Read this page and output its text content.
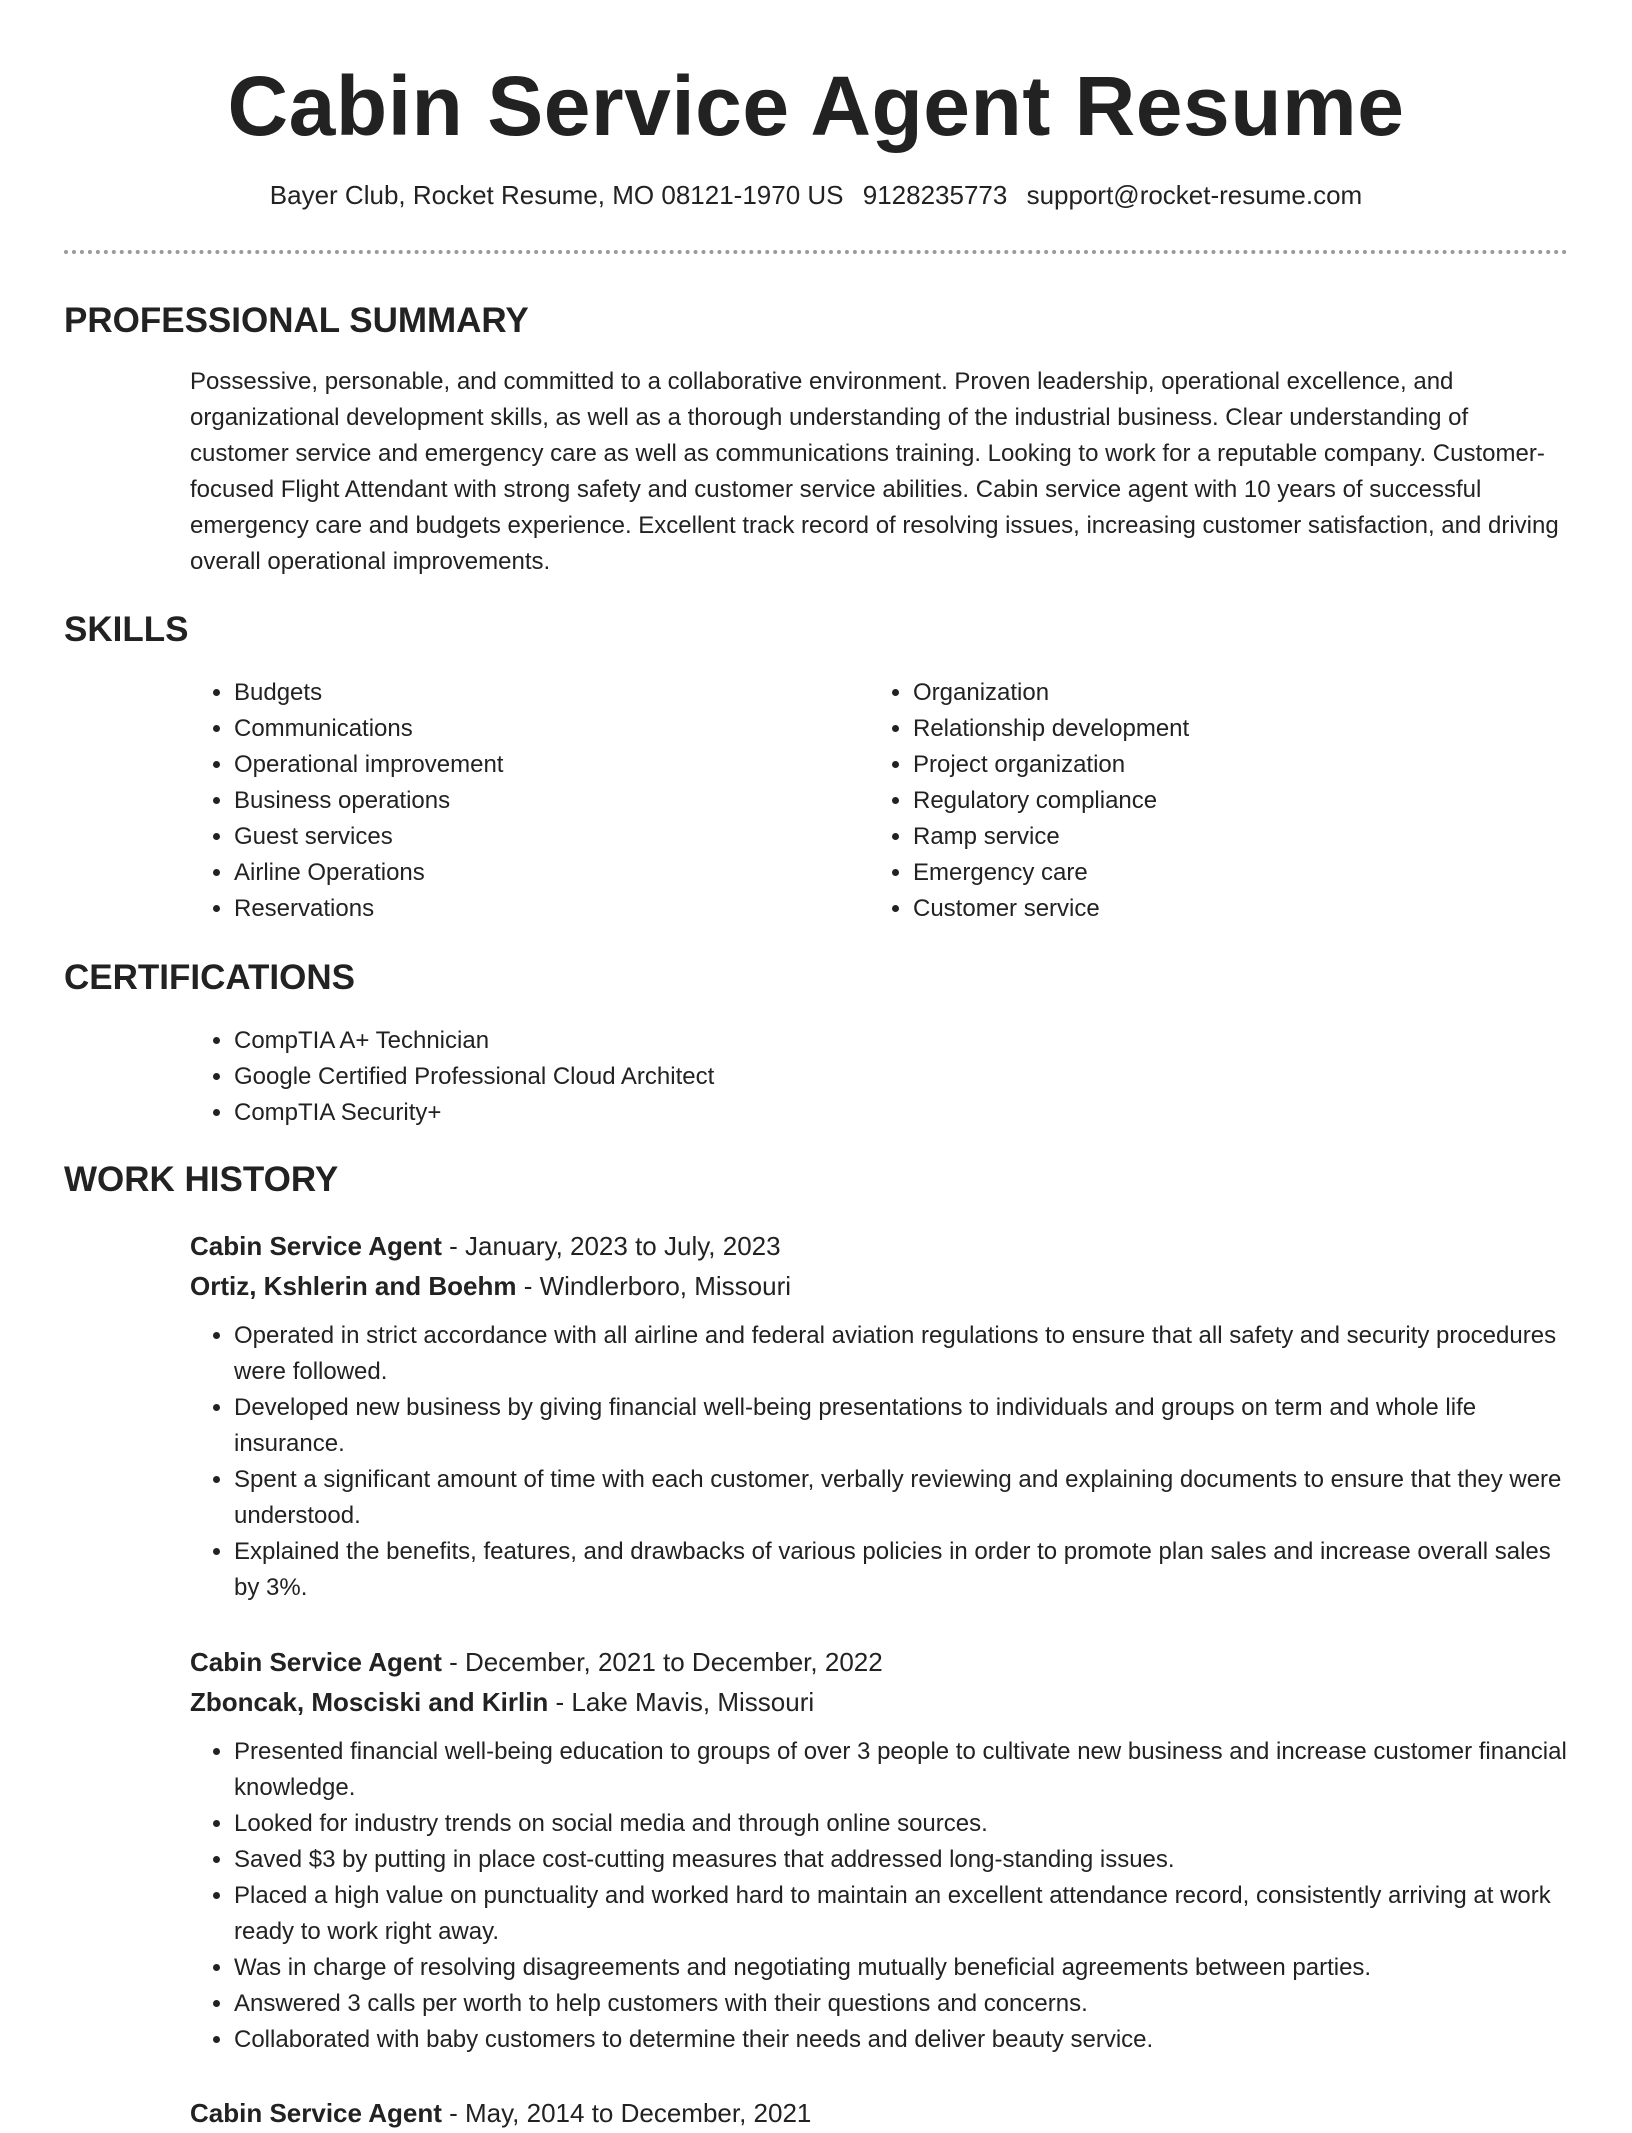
Cabin Service Agent Resume
Bayer Club, Rocket Resume, MO 08121-1970 US 9128235773 support@rocket-resume.com
PROFESSIONAL SUMMARY

Possessive, personable, and committed to a collaborative environment. Proven leadership, operational excellence, and organizational development skills, as well as a thorough understanding of the industrial business. Clear understanding of customer service and emergency care as well as communications training. Looking to work for a reputable company. Customer-focused Flight Attendant with strong safety and customer service abilities. Cabin service agent with 10 years of successful emergency care and budgets experience. Excellent track record of resolving issues, increasing customer satisfaction, and driving overall operational improvements.

SKILLS
• Budgets
• Communications
• Operational improvement
• Business operations
• Guest services
• Airline Operations
• Reservations
• Organization
• Relationship development
• Project organization
• Regulatory compliance
• Ramp service
• Emergency care
• Customer service
CERTIFICATIONS
• CompTIA A+ Technician
• Google Certified Professional Cloud Architect
• CompTIA Security+
WORK HISTORY
Cabin Service Agent - January, 2023 to July, 2023
Ortiz, Kshlerin and Boehm - Windlerboro, Missouri
• Operated in strict accordance with all airline and federal aviation regulations to ensure that all safety and security procedures were followed.
• Developed new business by giving financial well-being presentations to individuals and groups on term and whole life insurance.
• Spent a significant amount of time with each customer, verbally reviewing and explaining documents to ensure that they were understood.
• Explained the benefits, features, and drawbacks of various policies in order to promote plan sales and increase overall sales by 3%.
Cabin Service Agent - December, 2021 to December, 2022
Zboncak, Mosciski and Kirlin - Lake Mavis, Missouri
• Presented financial well-being education to groups of over 3 people to cultivate new business and increase customer financial knowledge.
• Looked for industry trends on social media and through online sources.
• Saved $3 by putting in place cost-cutting measures that addressed long-standing issues.
• Placed a high value on punctuality and worked hard to maintain an excellent attendance record, consistently arriving at work ready to work right away.
• Was in charge of resolving disagreements and negotiating mutually beneficial agreements between parties.
• Answered 3 calls per worth to help customers with their questions and concerns.
• Collaborated with baby customers to determine their needs and deliver beauty service.
Cabin Service Agent - May, 2014 to December, 2021
